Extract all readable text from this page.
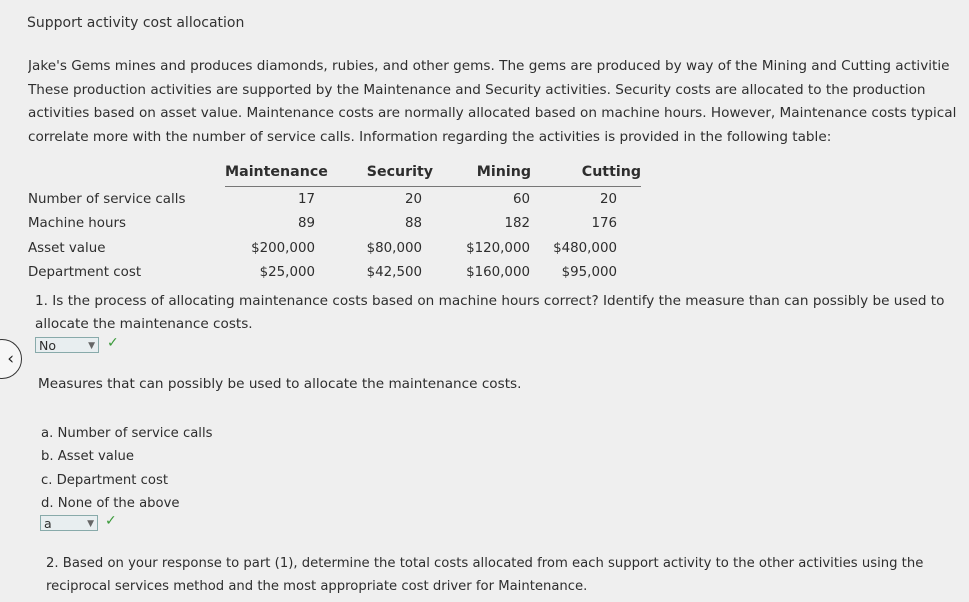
Support activity cost allocation
Jake's Gems mines and produces diamonds, rubies, and other gems. The gems are produced by way of the Mining and Cutting activitie
These production activities are supported by the Maintenance and Security activities. Security costs are allocated to the production
activities based on asset value. Maintenance costs are normally allocated based on machine hours. However, Maintenance costs typical
correlate more with the number of service calls. Information regarding the activities is provided in the following table:
	Maintenance	Security	Mining	Cutting
Number of service calls	17	20	60	20
Machine hours	89	88	182	176
Asset value	$200,000	$80,000	$120,000	$480,000
Department cost	$25,000	$42,500	$160,000	$95,000
1. Is the process of allocating maintenance costs based on machine hours correct? Identify the measure than can possibly be used to allocate the maintenance costs.
No	▼ ✓
‹
Measures that can possibly be used to allocate the maintenance costs.
a. Number of service calls
b. Asset value
c. Department cost
d. None of the above
a	▼ ✓
2. Based on your response to part (1), determine the total costs allocated from each support activity to the other activities using the reciprocal services method and the most appropriate cost driver for Maintenance.
